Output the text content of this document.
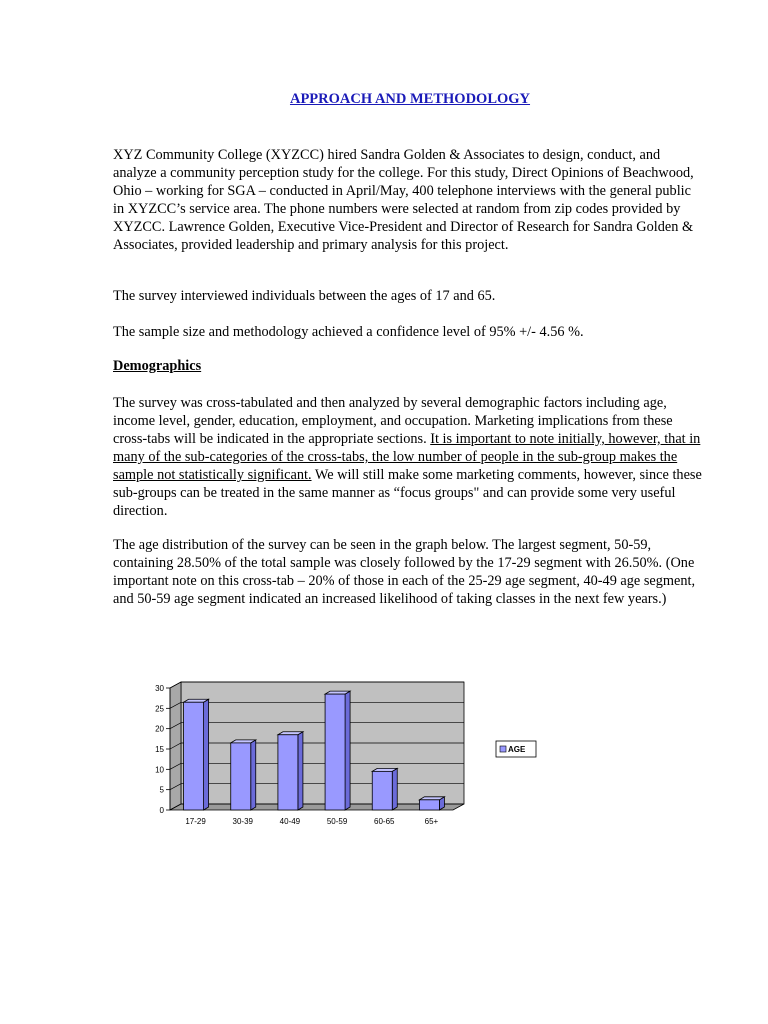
APPROACH AND METHODOLOGY
XYZ Community College (XYZCC) hired Sandra Golden & Associates to design, conduct, and analyze a community perception study for the college. For this study, Direct Opinions of Beachwood, Ohio – working for SGA – conducted in April/May, 400 telephone interviews with the general public in XYZCC’s service area. The phone numbers were selected at random from zip codes provided by XYZCC. Lawrence Golden, Executive Vice-President and Director of Research for Sandra Golden & Associates, provided leadership and primary analysis for this project.
The survey interviewed individuals between the ages of 17 and 65.
The sample size and methodology achieved a confidence level of 95% +/- 4.56 %.
Demographics
The survey was cross-tabulated and then analyzed by several demographic factors including age, income level, gender, education, employment, and occupation. Marketing implications from these cross-tabs will be indicated in the appropriate sections. It is important to note initially, however, that in many of the sub-categories of the cross-tabs, the low number of people in the sub-group makes the sample not statistically significant. We will still make some marketing comments, however, since these sub-groups can be treated in the same manner as “focus groups" and can provide some very useful direction.
The age distribution of the survey can be seen in the graph below. The largest segment, 50-59, containing 28.50% of the total sample was closely followed by the 17-29 segment with 26.50%. (One important note on this cross-tab – 20% of those in each of the 25-29 age segment, 40-49 age segment, and 50-59 age segment indicated an increased likelihood of taking classes in the next few years.)
0
5
10
15
20
25
30
17-29	30-39	40-49	50-59	60-65	65+
AGE
